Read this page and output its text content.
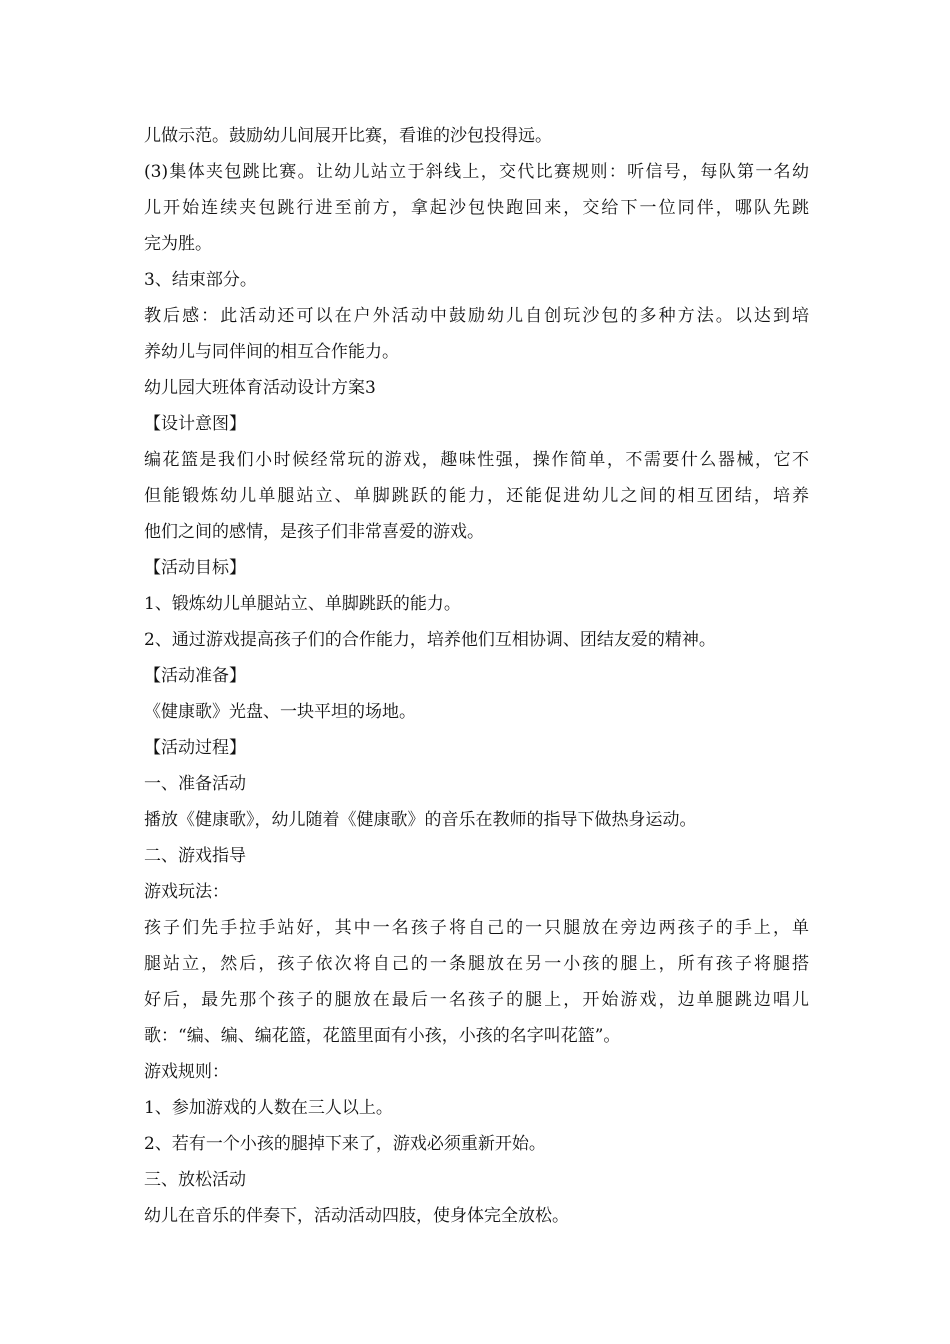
儿做示范。鼓励幼儿间展开比赛，看谁的沙包投得远。
(3)集体夹包跳比赛。让幼儿站立于斜线上，交代比赛规则：听信号，每队第一名幼
儿开始连续夹包跳行进至前方，拿起沙包快跑回来，交给下一位同伴，哪队先跳
完为胜。
3、结束部分。
教后感：此活动还可以在户外活动中鼓励幼儿自创玩沙包的多种方法。以达到培
养幼儿与同伴间的相互合作能力。
幼儿园大班体育活动设计方案3
【设计意图】
编花篮是我们小时候经常玩的游戏，趣味性强，操作简单，不需要什么器械，它不
但能锻炼幼儿单腿站立、单脚跳跃的能力，还能促进幼儿之间的相互团结，培养
他们之间的感情，是孩子们非常喜爱的游戏。
【活动目标】
1、锻炼幼儿单腿站立、单脚跳跃的能力。
2、通过游戏提高孩子们的合作能力，培养他们互相协调、团结友爱的精神。
【活动准备】
《健康歌》光盘、一块平坦的场地。
【活动过程】
一、准备活动
播放《健康歌》，幼儿随着《健康歌》的音乐在教师的指导下做热身运动。
二、游戏指导
游戏玩法：
孩子们先手拉手站好，其中一名孩子将自己的一只腿放在旁边两孩子的手上，单
腿站立，然后，孩子依次将自己的一条腿放在另一小孩的腿上，所有孩子将腿搭
好后，最先那个孩子的腿放在最后一名孩子的腿上，开始游戏，边单腿跳边唱儿
歌：“编、编、编花篮，花篮里面有小孩，小孩的名字叫花篮”。
游戏规则：
1、参加游戏的人数在三人以上。
2、若有一个小孩的腿掉下来了，游戏必须重新开始。
三、放松活动
幼儿在音乐的伴奏下，活动活动四肢，使身体完全放松。
